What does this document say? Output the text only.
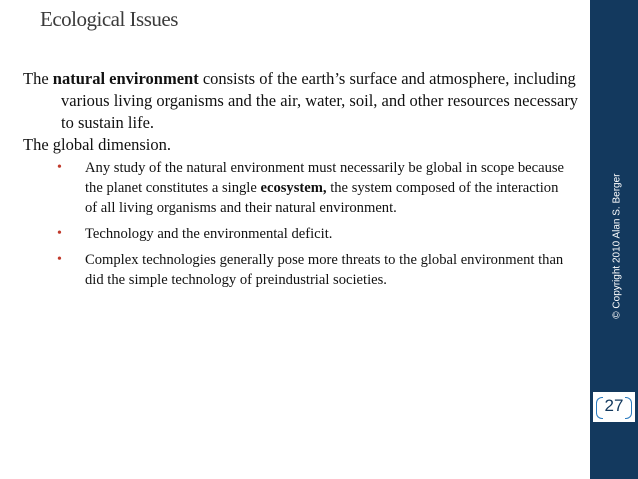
Ecological Issues

The natural environment consists of the earth’s surface and atmosphere, including various living organisms and the air, water, soil, and other resources necessary to sustain life.

The global dimension.

• Any study of the natural environment must necessarily be global in scope because the planet constitutes a single ecosystem, the system composed of the interaction of all living organisms and their natural environment.
• Technology and the environmental deficit.
• Complex technologies generally pose more threats to the global environment than did the simple technology of preindustrial societies.	© Copyright 2010 Alan S. Berger
27
